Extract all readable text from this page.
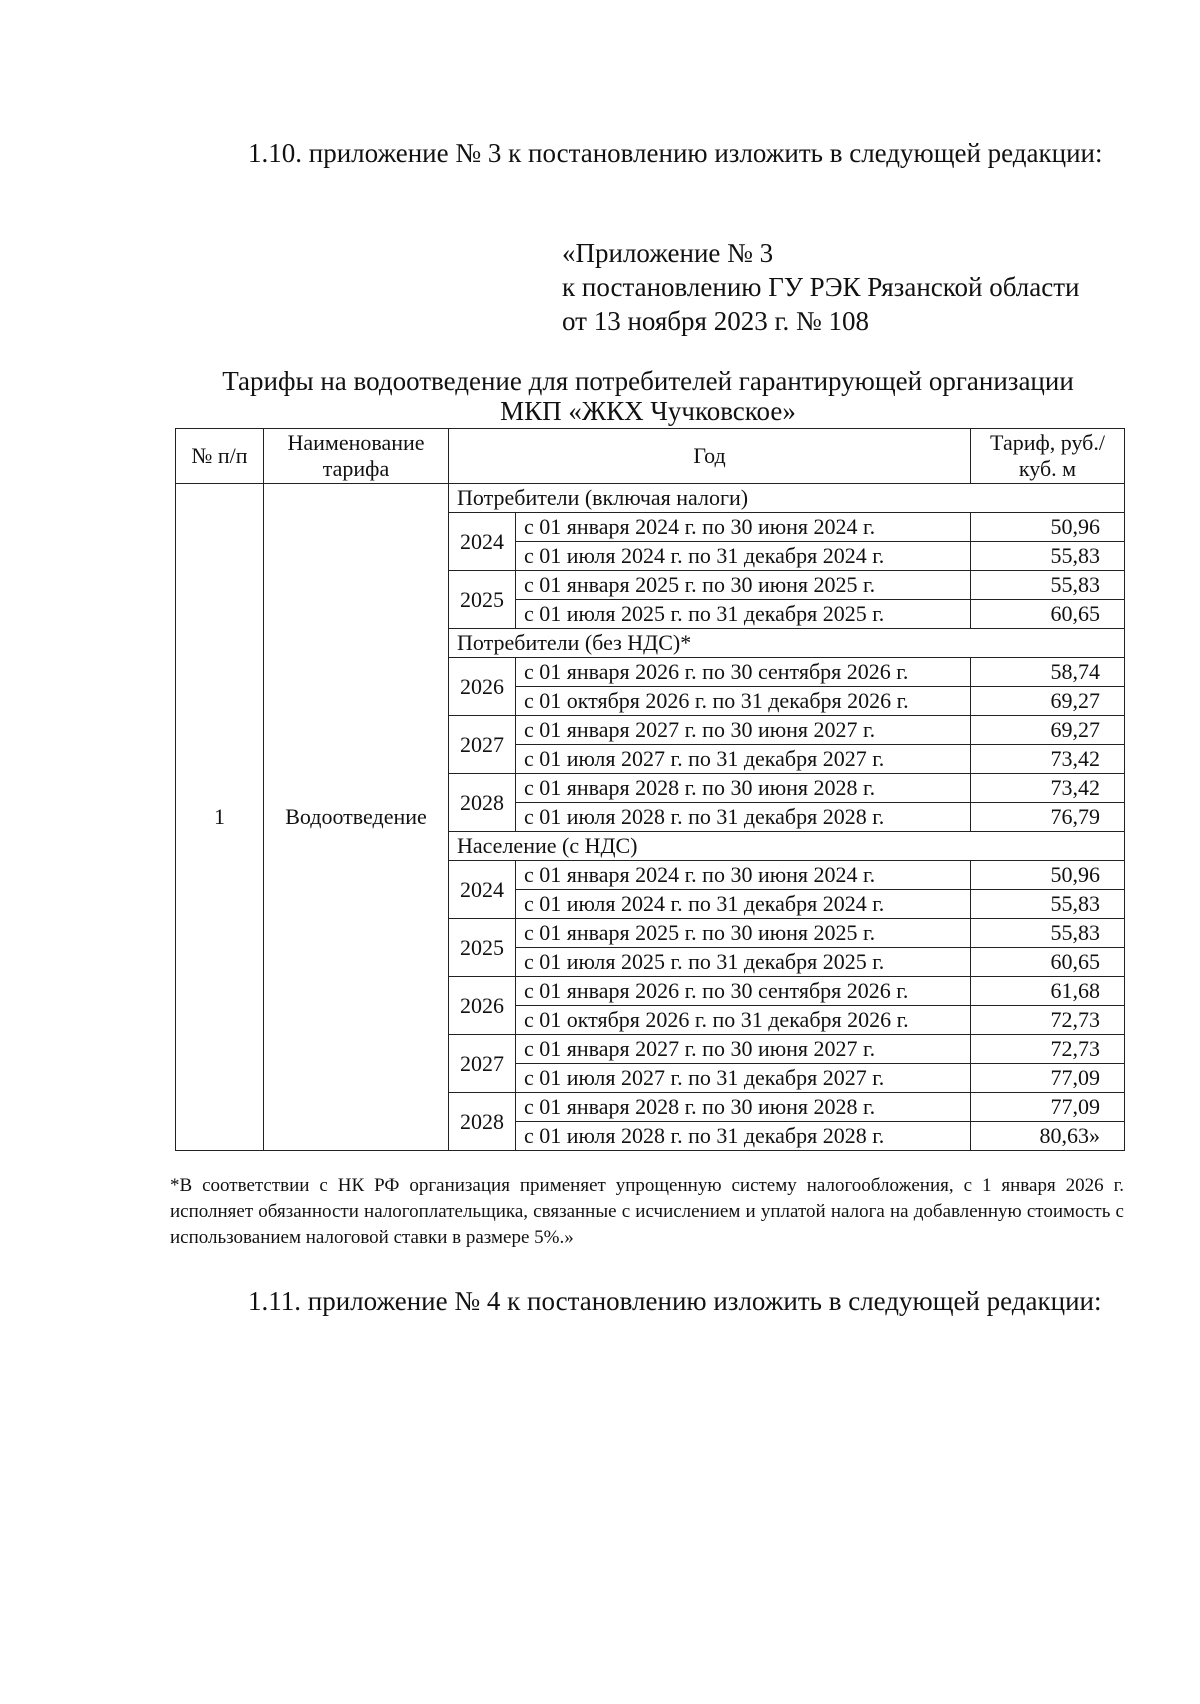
1.10. приложение № 3 к постановлению изложить в следующей редакции:
«Приложение № 3
к постановлению ГУ РЭК Рязанской области
от 13 ноября 2023 г. № 108
Тарифы на водоотведение для потребителей гарантирующей организации
МКП «ЖКХ Чучковское»
№ п/п	Наименование тарифа	Год		Тариф, руб./куб. м
1	Водоотведение	Потребители (включая налоги)		
		2024	с 01 января 2024 г. по 30 июня 2024 г.	50,96
			с 01 июля 2024 г. по 31 декабря 2024 г.	55,83
		2025	с 01 января 2025 г. по 30 июня 2025 г.	55,83
			с 01 июля 2025 г. по 31 декабря 2025 г.	60,65
		Потребители (без НДС)*		
		2026	с 01 января 2026 г. по 30 сентября 2026 г.	58,74
			с 01 октября 2026 г. по 31 декабря 2026 г.	69,27
		2027	с 01 января 2027 г. по 30 июня 2027 г.	69,27
			с 01 июля 2027 г. по 31 декабря 2027 г.	73,42
		2028	с 01 января 2028 г. по 30 июня 2028 г.	73,42
			с 01 июля 2028 г. по 31 декабря 2028 г.	76,79
		Население (с НДС)		
		2024	с 01 января 2024 г. по 30 июня 2024 г.	50,96
			с 01 июля 2024 г. по 31 декабря 2024 г.	55,83
		2025	с 01 января 2025 г. по 30 июня 2025 г.	55,83
			с 01 июля 2025 г. по 31 декабря 2025 г.	60,65
		2026	с 01 января 2026 г. по 30 сентября 2026 г.	61,68
			с 01 октября 2026 г. по 31 декабря 2026 г.	72,73
		2027	с 01 января 2027 г. по 30 июня 2027 г.	72,73
			с 01 июля 2027 г. по 31 декабря 2027 г.	77,09
		2028	с 01 января 2028 г. по 30 июня 2028 г.	77,09
			с 01 июля 2028 г. по 31 декабря 2028 г.	80,63»
*В соответствии с НК РФ организация применяет упрощенную систему налогообложения, с 1 января 2026 г. исполняет обязанности налогоплательщика, связанные с исчислением и уплатой налога на добавленную стоимость с использованием налоговой ставки в размере 5%.»
1.11. приложение № 4 к постановлению изложить в следующей редакции:
